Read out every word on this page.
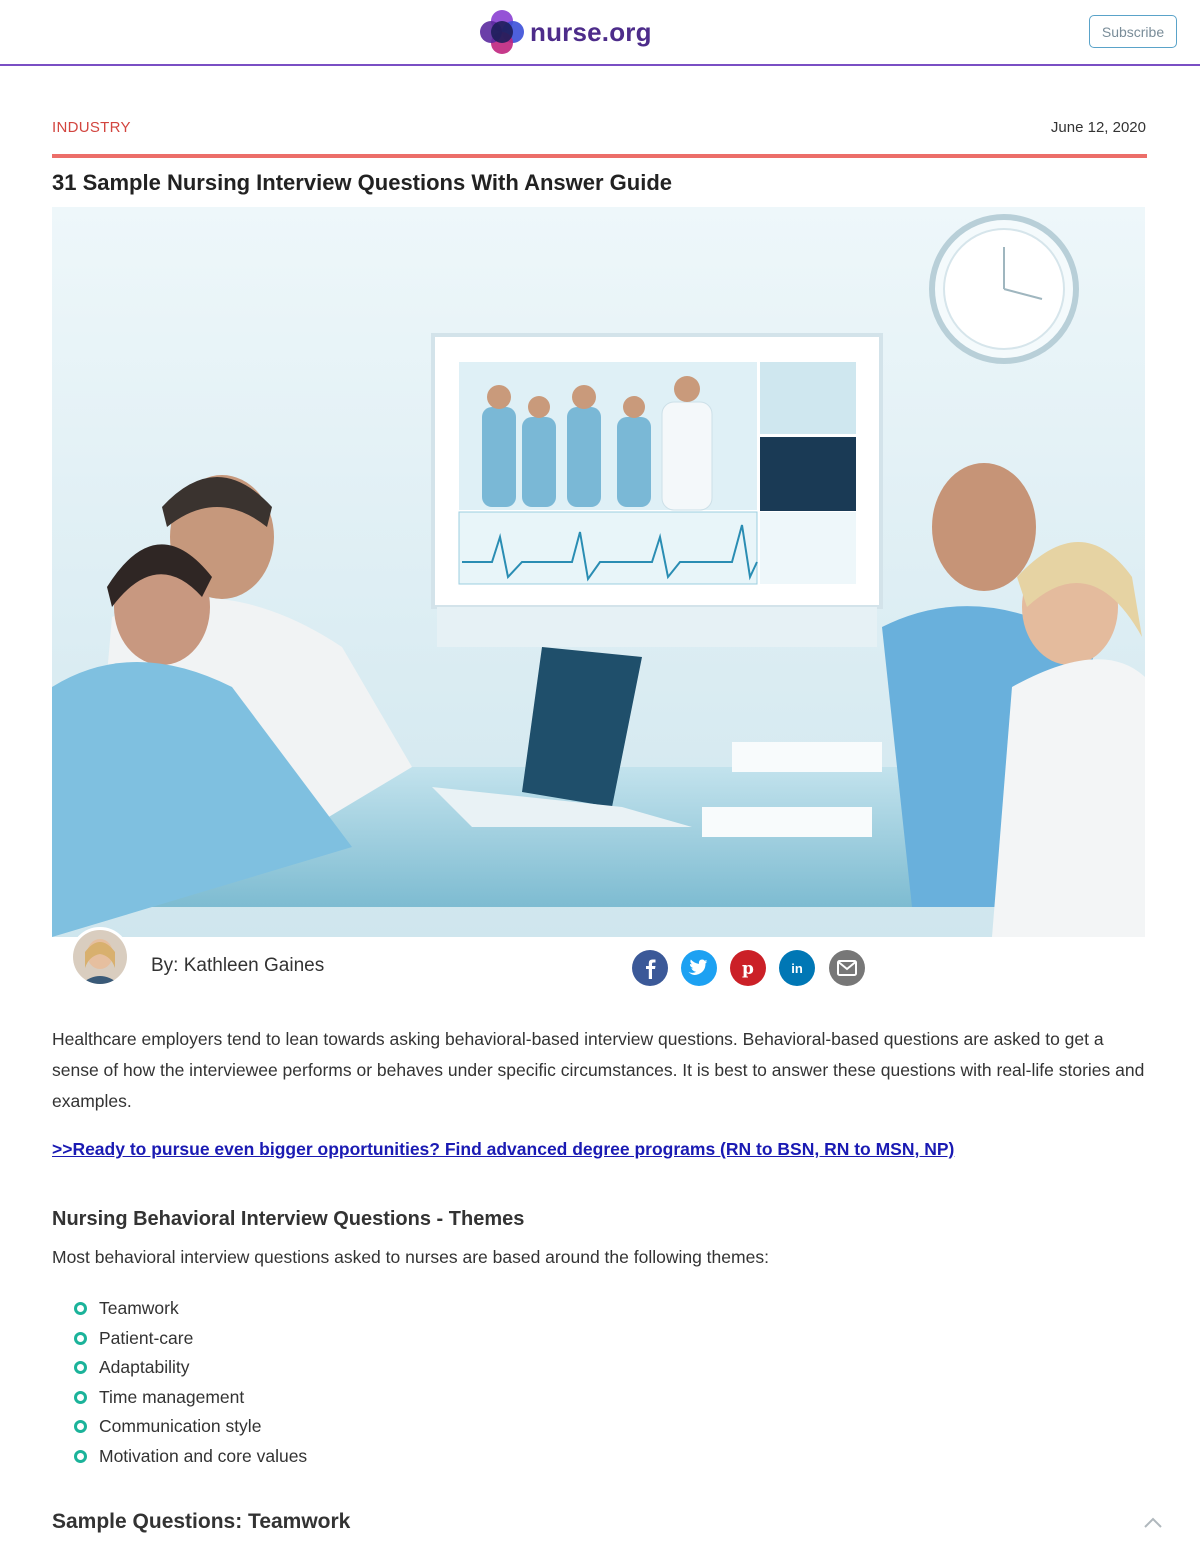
nurse.org	Subscribe
INDUSTRY	June 12, 2020
31 Sample Nursing Interview Questions With Answer Guide
By: Kathleen Gaines	p	in

Healthcare employers tend to lean towards asking behavioral-based interview questions. Behavioral-based questions are asked to get a sense of how the interviewee performs or behaves under specific circumstances. It is best to answer these questions with real-life stories and examples.

>>Ready to pursue even bigger opportunities? Find advanced degree programs (RN to BSN, RN to MSN, NP)
Nursing Behavioral Interview Questions - Themes

Most behavioral interview questions asked to nurses are based around the following themes:

Teamwork
Patient-care
Adaptability
Time management
Communication style
Motivation and core values
Sample Questions: Teamwork
